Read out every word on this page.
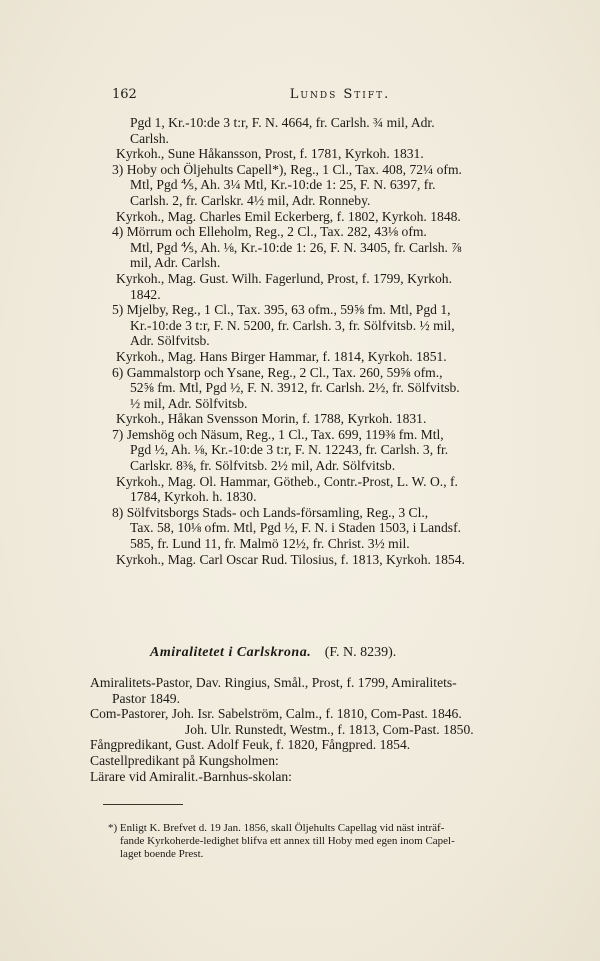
162	Lunds Stift.
Pgd 1, Kr.-10:de 3 t:r, F. N. 4664, fr. Carlsh. ¾ mil, Adr.
Carlsh.
Kyrkoh., Sune Håkansson, Prost, f. 1781, Kyrkoh. 1831.
3) Hoby och Öljehults Capell*), Reg., 1 Cl., Tax. 408, 72¼ ofm.
Mtl, Pgd ⅘, Ah. 3¼ Mtl, Kr.-10:de 1: 25, F. N. 6397, fr.
Carlsh. 2, fr. Carlskr. 4½ mil, Adr. Ronneby.
Kyrkoh., Mag. Charles Emil Eckerberg, f. 1802, Kyrkoh. 1848.
4) Mörrum och Elleholm, Reg., 2 Cl., Tax. 282, 43⅛ ofm.
Mtl, Pgd ⅘, Ah. ⅛, Kr.-10:de 1: 26, F. N. 3405, fr. Carlsh. ⅞
mil, Adr. Carlsh.
Kyrkoh., Mag. Gust. Wilh. Fagerlund, Prost, f. 1799, Kyrkoh.
1842.
5) Mjelby, Reg., 1 Cl., Tax. 395, 63 ofm., 59⅝ fm. Mtl, Pgd 1,
Kr.-10:de 3 t:r, F. N. 5200, fr. Carlsh. 3, fr. Sölfvitsb. ½ mil,
Adr. Sölfvitsb.
Kyrkoh., Mag. Hans Birger Hammar, f. 1814, Kyrkoh. 1851.
6) Gammalstorp och Ysane, Reg., 2 Cl., Tax. 260, 59⅝ ofm.,
52⅝ fm. Mtl, Pgd ½, F. N. 3912, fr. Carlsh. 2½, fr. Sölfvitsb.
½ mil, Adr. Sölfvitsb.
Kyrkoh., Håkan Svensson Morin, f. 1788, Kyrkoh. 1831.
7) Jemshög och Näsum, Reg., 1 Cl., Tax. 699, 119⅜ fm. Mtl,
Pgd ½, Ah. ⅛, Kr.-10:de 3 t:r, F. N. 12243, fr. Carlsh. 3, fr.
Carlskr. 8⅜, fr. Sölfvitsb. 2½ mil, Adr. Sölfvitsb.
Kyrkoh., Mag. Ol. Hammar, Götheb., Contr.-Prost, L. W. O., f.
1784, Kyrkoh. h. 1830.
8) Sölfvitsborgs Stads- och Lands-församling, Reg., 3 Cl.,
Tax. 58, 10⅛ ofm. Mtl, Pgd ½, F. N. i Staden 1503, i Landsf.
585, fr. Lund 11, fr. Malmö 12½, fr. Christ. 3½ mil.
Kyrkoh., Mag. Carl Oscar Rud. Tilosius, f. 1813, Kyrkoh. 1854.
Amiralitetet i Carlskrona. (F. N. 8239).
Amiralitets-Pastor, Dav. Ringius, Smål., Prost, f. 1799, Amiralitets-
Pastor 1849.
Com-Pastorer, Joh. Isr. Sabelström, Calm., f. 1810, Com-Past. 1846.
Joh. Ulr. Runstedt, Westm., f. 1813, Com-Past. 1850.
Fångpredikant, Gust. Adolf Feuk, f. 1820, Fångpred. 1854.
Castellpredikant på Kungsholmen:
Lärare vid Amiralit.-Barnhus-skolan:
*) Enligt K. Brefvet d. 19 Jan. 1856, skall Öljehults Capellag vid näst inträf-
fande Kyrkoherde-ledighet blifva ett annex till Hoby med egen inom Capel-
laget boende Prest.
